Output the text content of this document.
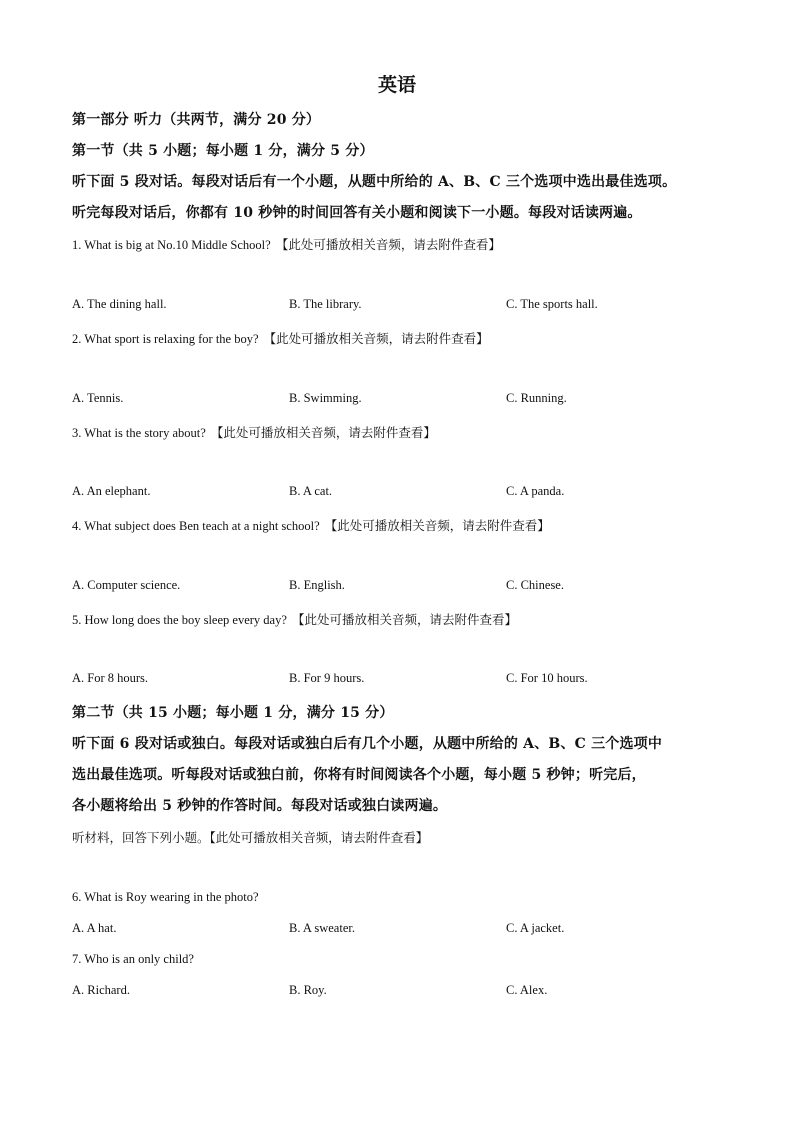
英语
第一部分 听力（共两节，满分 20 分）
第一节（共 5 小题；每小题 1 分，满分 5 分）
听下面 5 段对话。每段对话后有一个小题，从题中所给的 A、B、C 三个选项中选出最佳选项。
听完每段对话后，你都有 10 秒钟的时间回答有关小题和阅读下一小题。每段对话读两遍。
1. What is big at No.10 Middle School? 【此处可播放相关音频，请去附件查看】
A. The dining hall.	B. The library.	C. The sports hall.
2. What sport is relaxing for the boy? 【此处可播放相关音频，请去附件查看】
A. Tennis.	B. Swimming.	C. Running.
3. What is the story about? 【此处可播放相关音频，请去附件查看】
A. An elephant.	B. A cat.	C. A panda.
4. What subject does Ben teach at a night school? 【此处可播放相关音频，请去附件查看】
A. Computer science.	B. English.	C. Chinese.
5. How long does the boy sleep every day? 【此处可播放相关音频，请去附件查看】
A. For 8 hours.	B. For 9 hours.	C. For 10 hours.
第二节（共 15 小题；每小题 1 分，满分 15 分）
听下面 6 段对话或独白。每段对话或独白后有几个小题，从题中所给的 A、B、C 三个选项中
选出最佳选项。听每段对话或独白前，你将有时间阅读各个小题，每小题 5 秒钟；听完后，
各小题将给出 5 秒钟的作答时间。每段对话或独白读两遍。
听材料，回答下列小题。【此处可播放相关音频，请去附件查看】
6. What is Roy wearing in the photo?
A. A hat.	B. A sweater.	C. A jacket.
7. Who is an only child?
A. Richard.	B. Roy.	C. Alex.
